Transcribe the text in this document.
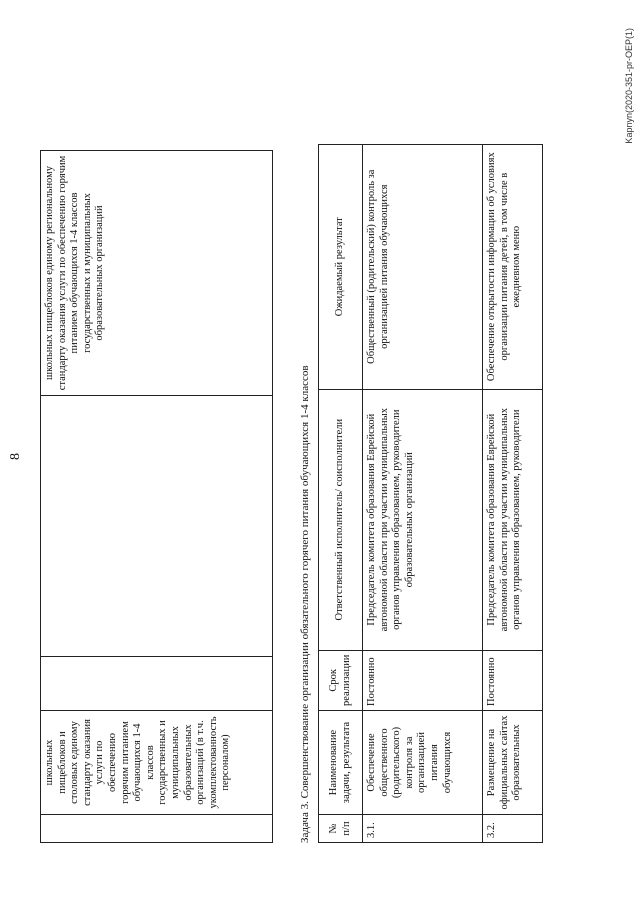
8
	школьных пищеблоков и столовых единому стандарту оказания услуги по обеспечению горячим питанием обучающихся 1-4 классов государственных и муниципальных образовательных организаций (в т.ч. укомплектованность персоналом)			школьных пищеблоков единому региональному стандарту оказания услуги по обеспечению горячим питанием обучающихся 1-4 классов государственных и муниципальных образовательных организаций
Задача 3. Совершенствование организации обязательного горячего питания обучающихся 1-4 классов № п/п	Наименование задачи, результата	Срок реализации	Ответственный исполнитель/ соисполнители	Ожидаемый результат
3.1.	Обеспечение общественного (родительского) контроля за организацией питания обучающихся	Постоянно	Председатель комитета образования Еврейской автономной области при участии муниципальных органов управления образованием, руководители образовательных организаций	Общественный (родительский) контроль за организацией питания обучающихся
3.2.	Размещение на официальных сайтах образовательных	Постоянно	Председатель комитета образования Еврейской автономной области при участии муниципальных органов управления образованием, руководители	Обеспечение открытости информации об условиях организации питания детей, в том числе в ежедневном меню
Kapnyn(2020-351-pr-OEP(1)
